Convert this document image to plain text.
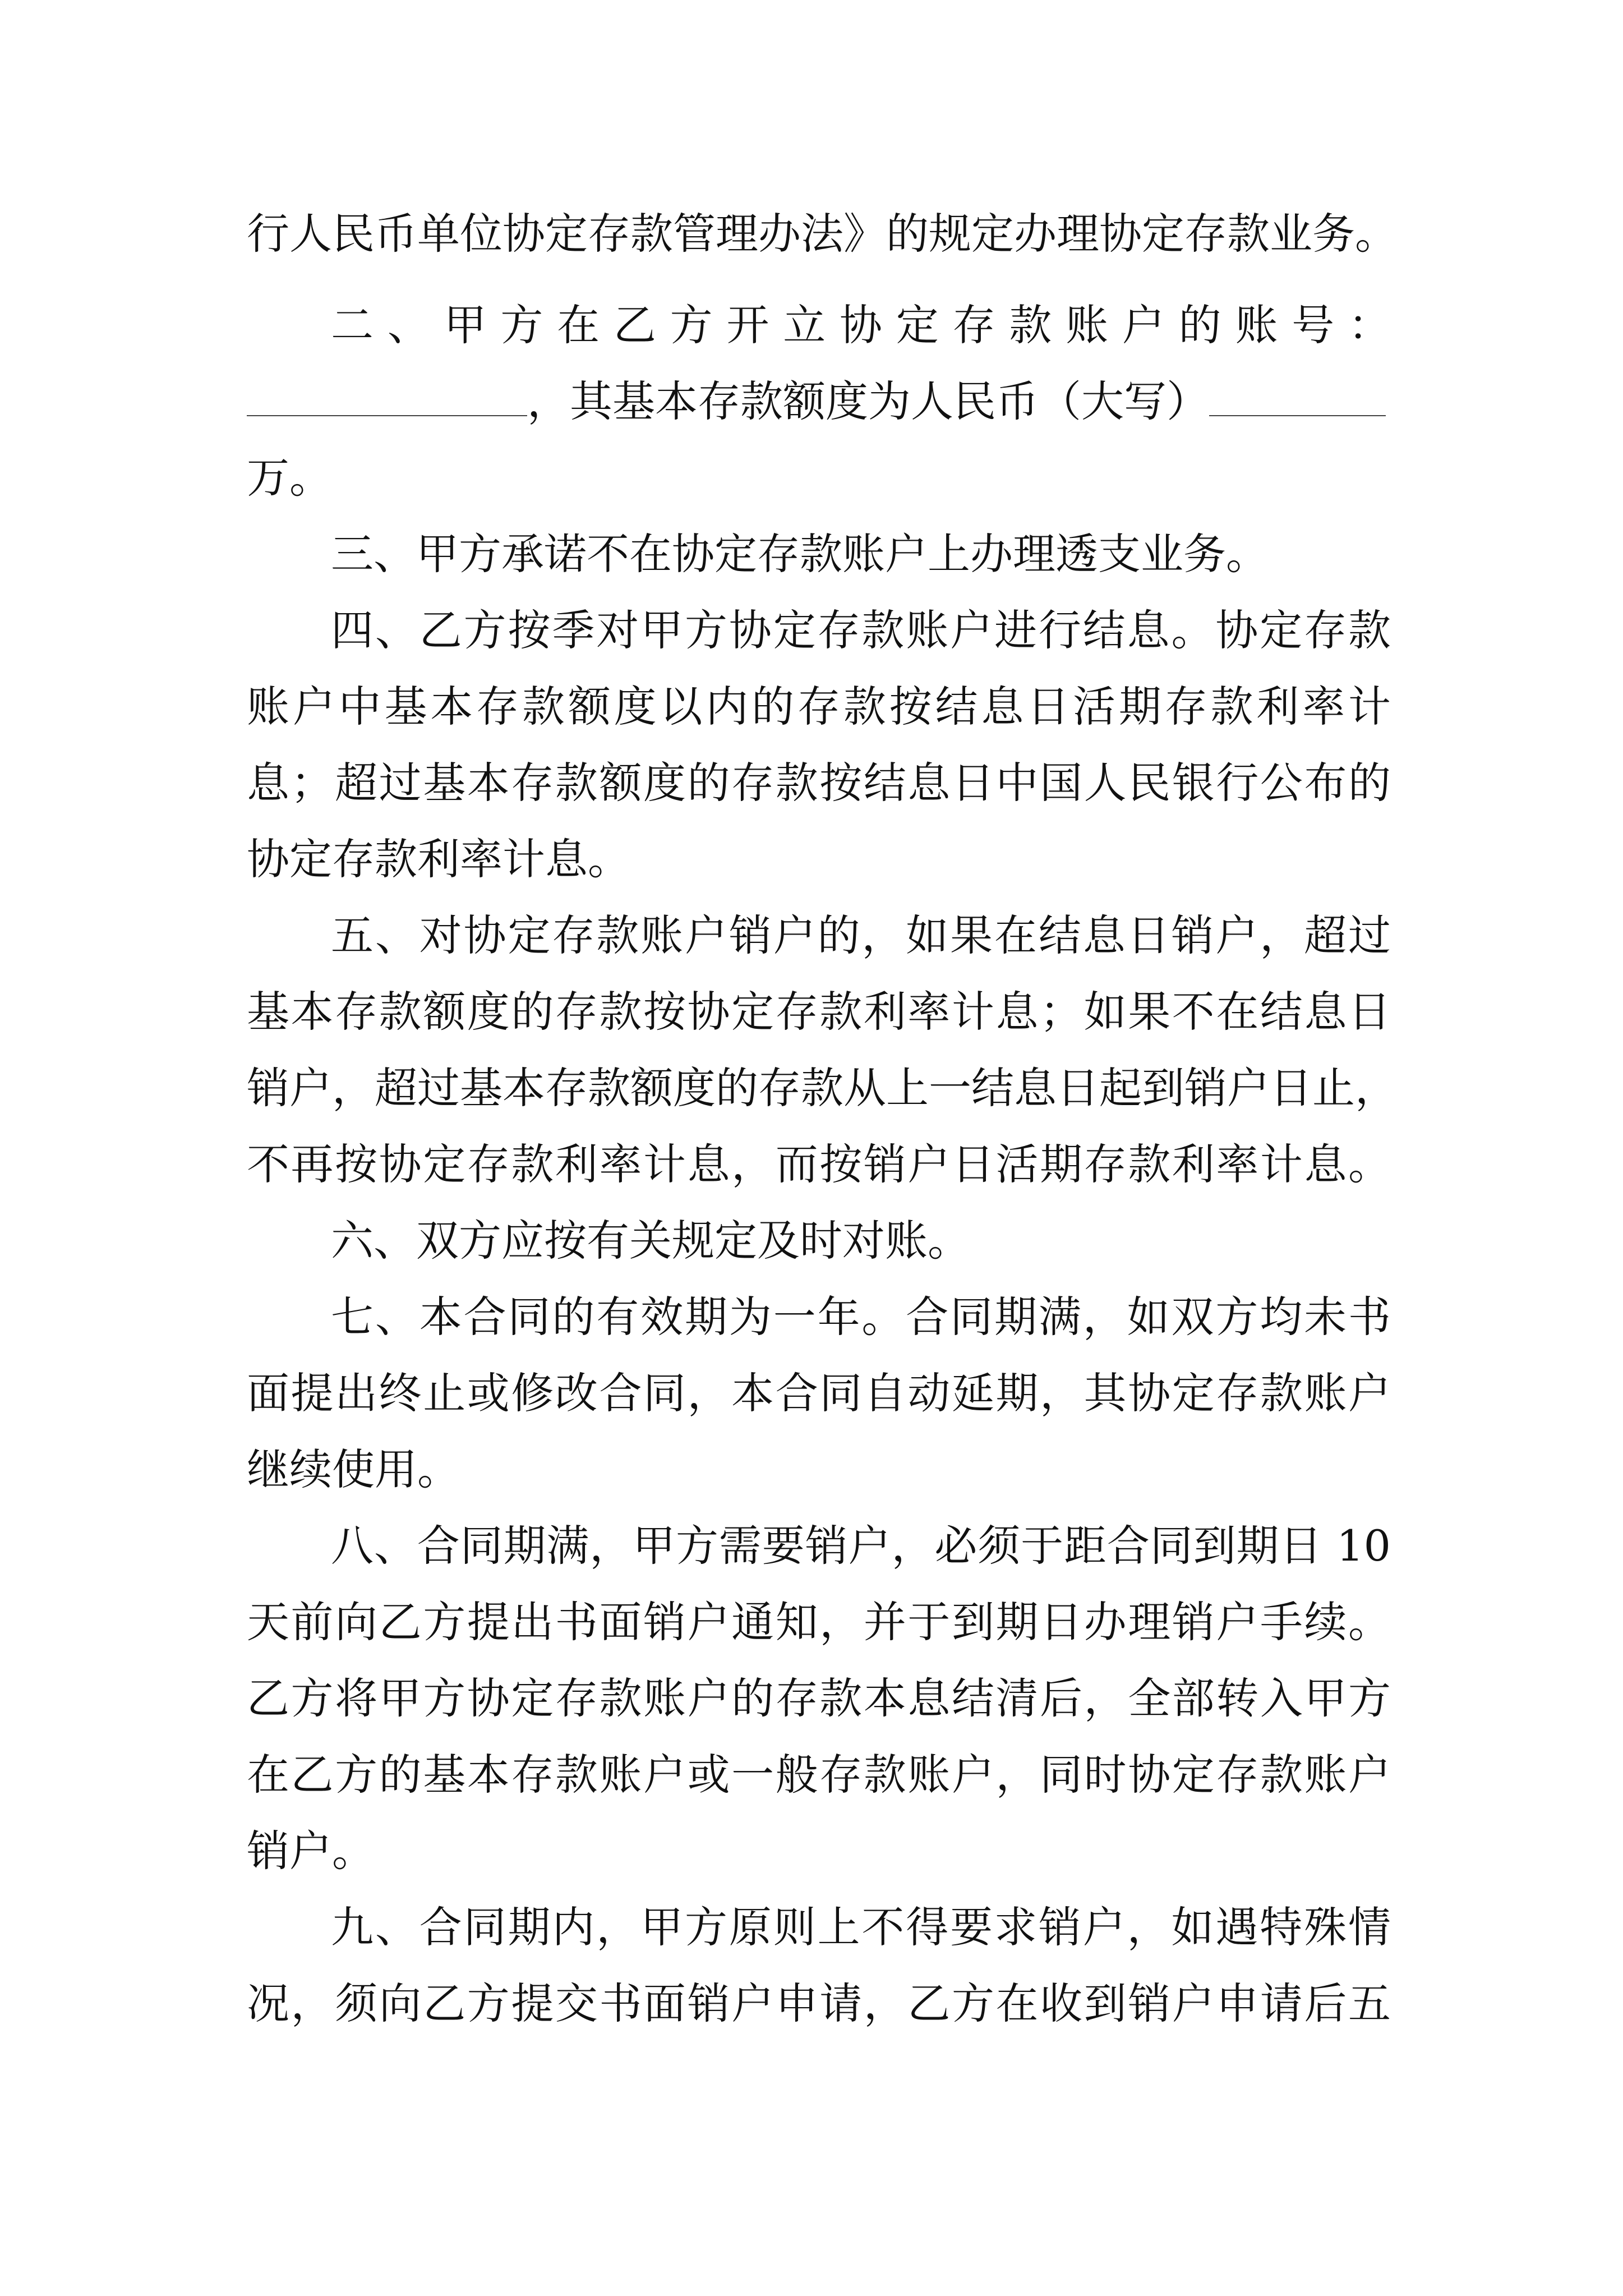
行人民币单位协定存款管理办法》的规定办理协定存款业务。
二、甲方在乙方开立协定存款账户的账号：
，其基本存款额度为人民币（大写）
万。
三、甲方承诺不在协定存款账户上办理透支业务。
四、乙方按季对甲方协定存款账户进行结息。协定存款
账户中基本存款额度以内的存款按结息日活期存款利率计
息；超过基本存款额度的存款按结息日中国人民银行公布的
协定存款利率计息。
五、对协定存款账户销户的，如果在结息日销户，超过
基本存款额度的存款按协定存款利率计息；如果不在结息日
销户，超过基本存款额度的存款从上一结息日起到销户日止，
不再按协定存款利率计息，而按销户日活期存款利率计息。
六、双方应按有关规定及时对账。
七、本合同的有效期为一年。合同期满，如双方均未书
面提出终止或修改合同，本合同自动延期，其协定存款账户
继续使用。
八、合同期满，甲方需要销户，必须于距合同到期日 10
天前向乙方提出书面销户通知，并于到期日办理销户手续。
乙方将甲方协定存款账户的存款本息结清后，全部转入甲方
在乙方的基本存款账户或一般存款账户，同时协定存款账户
销户。
九、合同期内，甲方原则上不得要求销户，如遇特殊情
况，须向乙方提交书面销户申请，乙方在收到销户申请后五
